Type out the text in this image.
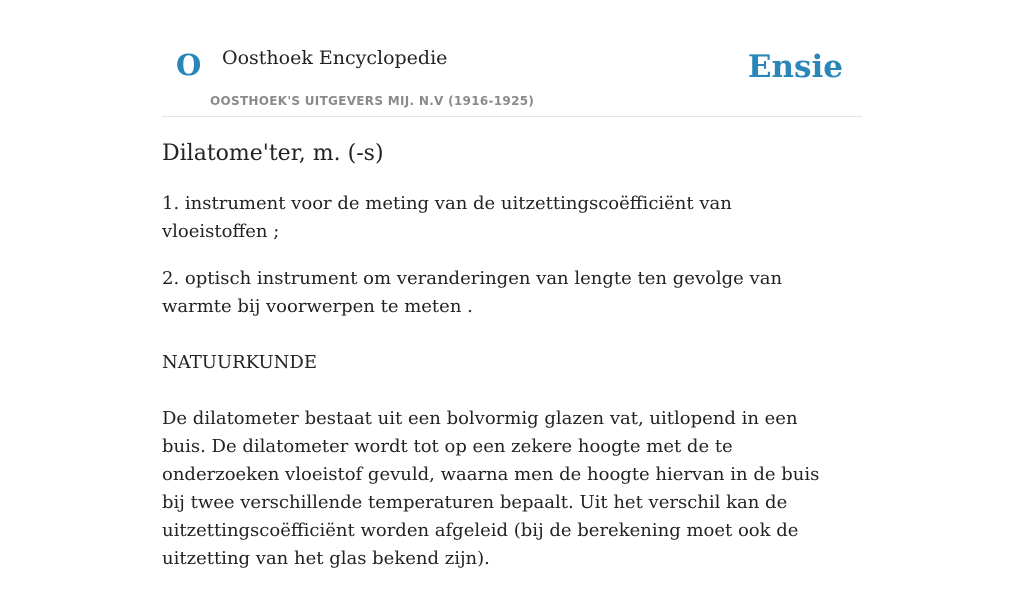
O Oosthoek Encyclopedie
OOSTHOEK'S UITGEVERS MIJ. N.V (1916-1925)
Ensie
Dilatome'ter, m. (-s)

1. instrument voor de meting van de uitzettingscoëfficiënt van vloeistoffen ;

2. optisch instrument om veranderingen van lengte ten gevolge van warmte bij voorwerpen te meten .

NATUURKUNDE

De dilatometer bestaat uit een bolvormig glazen vat, uitlopend in een buis. De dilatometer wordt tot op een zekere hoogte met de te onderzoeken vloeistof gevuld, waarna men de hoogte hiervan in de buis bij twee verschillende temperaturen bepaalt. Uit het verschil kan de uitzettingscoëfficiënt worden afgeleid (bij de berekening moet ook de uitzetting van het glas bekend zijn).
